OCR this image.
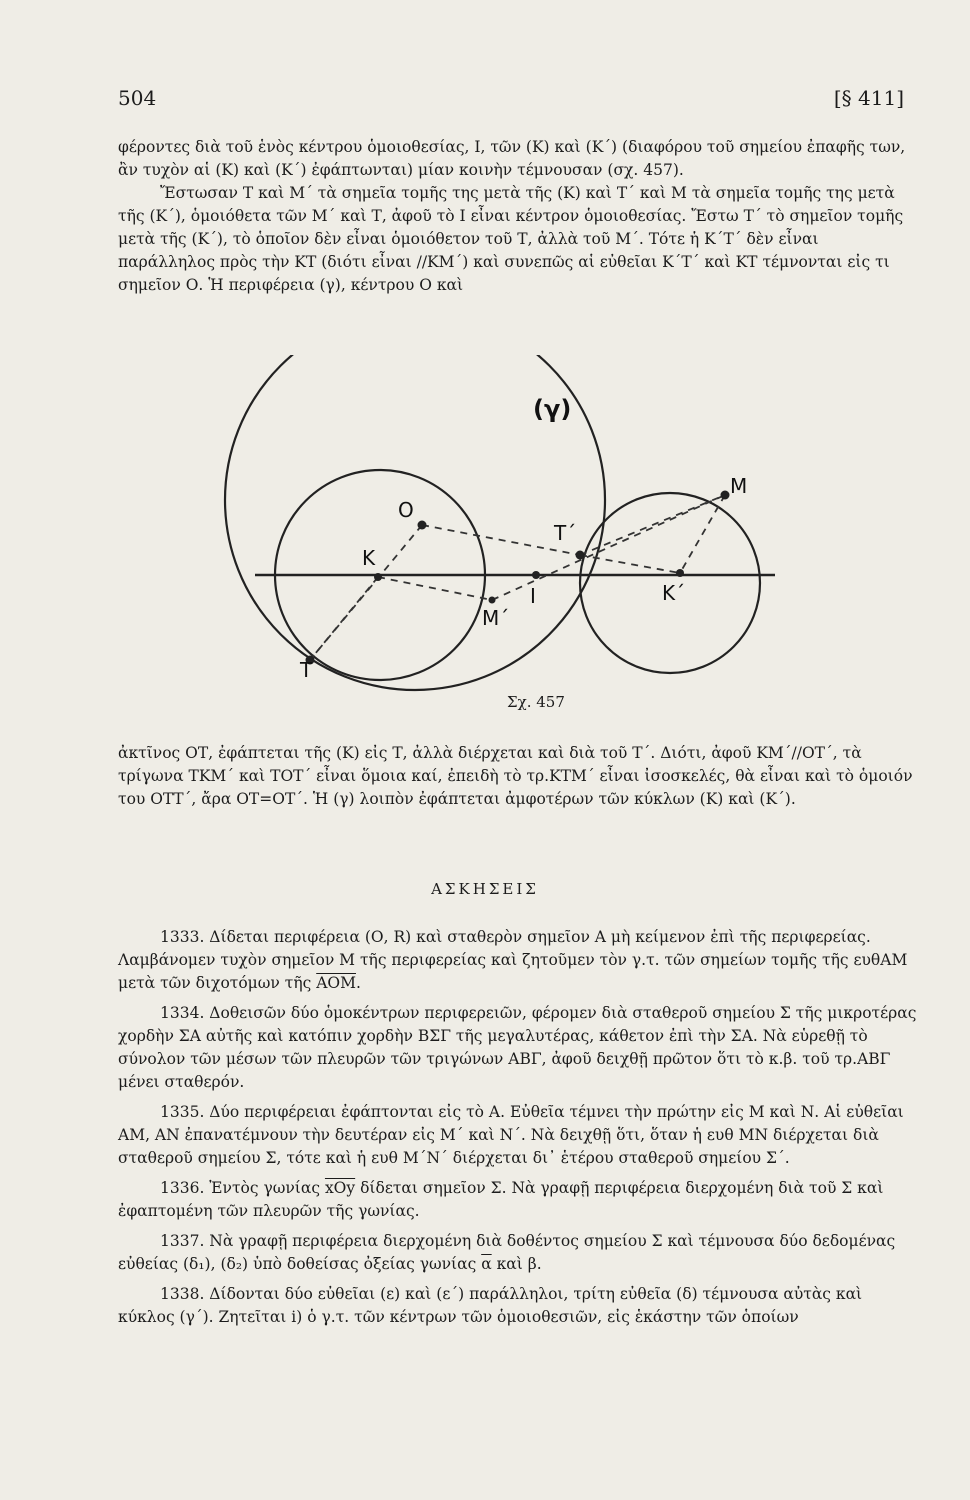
504	[§ 411]

φέροντες διὰ τοῦ ἑνὸς κέντρου ὁμοιοθεσίας, Ι, τῶν (Κ) καὶ (Κ΄) (διαφόρου τοῦ σημείου ἐπαφῆς των, ἂν τυχὸν αἱ (Κ) καὶ (Κ΄) ἐφάπτωνται) μίαν κοινὴν τέμνουσαν (σχ. 457).

Ἔστωσαν Τ καὶ Μ΄ τὰ σημεῖα τομῆς της μετὰ τῆς (Κ) καὶ Τ΄ καὶ Μ τὰ σημεῖα τομῆς της μετὰ τῆς (Κ΄), ὁμοιόθετα τῶν Μ΄ καὶ Τ, ἀφοῦ τὸ Ι εἶναι κέντρον ὁμοιοθεσίας. Ἔστω Τ΄ τὸ σημεῖον τομῆς μετὰ τῆς (Κ΄), τὸ ὁποῖον δὲν εἶναι ὁμοιόθετον τοῦ Τ, ἀλλὰ τοῦ Μ΄. Τότε ἡ Κ΄Τ΄ δὲν εἶναι παράλληλος πρὸς τὴν ΚΤ (διότι εἶναι //ΚΜ΄) καὶ συνεπῶς αἱ εὐθεῖαι Κ΄Τ΄ καὶ ΚΤ τέμνονται εἰς τι σημεῖον Ο. Ἡ περιφέρεια (γ), κέντρου Ο καὶ

(γ)
O
K
M΄
I
T΄
M
K΄
T
Σχ. 457

ἀκτῖνος ΟΤ, ἐφάπτεται τῆς (Κ) εἰς Τ, ἀλλὰ διέρχεται καὶ διὰ τοῦ Τ΄. Διότι, ἀφοῦ ΚΜ΄//ΟΤ΄, τὰ τρίγωνα ΤΚΜ΄ καὶ ΤΟΤ΄ εἶναι ὅμοια καί, ἐπειδὴ τὸ τρ.ΚΤΜ΄ εἶναι ἰσοσκελές, θὰ εἶναι καὶ τὸ ὁμοιόν του ΟΤΤ΄, ἄρα ΟΤ=ΟΤ΄. Ἡ (γ) λοιπὸν ἐφάπτεται ἀμφοτέρων τῶν κύκλων (Κ) καὶ (Κ΄).

ΑΣΚΗΣΕΙΣ

1333. Δίδεται περιφέρεια (Ο, R) καὶ σταθερὸν σημεῖον Α μὴ κείμενον ἐπὶ τῆς περιφερείας. Λαμβάνομεν τυχὸν σημεῖον Μ τῆς περιφερείας καὶ ζητοῦμεν τὸν γ.τ. τῶν σημείων τομῆς τῆς ευθΑΜ μετὰ τῶν διχοτόμων τῆς $\overline{AOM}$.

1334. Δοθεισῶν δύο ὁμοκέντρων περιφερειῶν, φέρομεν διὰ σταθεροῦ σημείου Σ τῆς μικροτέρας χορδὴν ΣΑ αὐτῆς καὶ κατόπιν χορδὴν ΒΣΓ τῆς μεγαλυτέρας, κάθετον ἐπὶ τὴν ΣΑ. Νὰ εὑρεθῇ τὸ σύνολον τῶν μέσων τῶν πλευρῶν τῶν τριγώνων ΑΒΓ, ἀφοῦ δειχθῇ πρῶτον ὅτι τὸ κ.β. τοῦ τρ.ΑΒΓ μένει σταθερόν.

1335. Δύο περιφέρειαι ἐφάπτονται εἰς τὸ Α. Εὐθεῖα τέμνει τὴν πρώτην εἰς Μ καὶ Ν. Αἱ εὐθεῖαι ΑΜ, ΑΝ ἐπανατέμνουν τὴν δευτέραν εἰς Μ΄ καὶ Ν΄. Νὰ δειχθῇ ὅτι, ὅταν ἡ ευθ ΜΝ διέρχεται διὰ σταθεροῦ σημείου Σ, τότε καὶ ἡ ευθ Μ΄Ν΄ διέρχεται δι᾽ ἑτέρου σταθεροῦ σημείου Σ΄.

1336. Ἐντὸς γωνίας $\overline{xOy}$ δίδεται σημεῖον Σ. Νὰ γραφῇ περιφέρεια διερχομένη διὰ τοῦ Σ καὶ ἐφαπτομένη τῶν πλευρῶν τῆς γωνίας.

1337. Νὰ γραφῇ περιφέρεια διερχομένη διὰ δοθέντος σημείου Σ καὶ τέμνουσα δύο δεδομένας εὐθείας (δ₁), (δ₂) ὑπὸ δοθείσας ὀξείας γωνίας $\overline{\alpha}$ καὶ β.

1338. Δίδονται δύο εὐθεῖαι (ε) καὶ (ε΄) παράλληλοι, τρίτη εὐθεῖα (δ) τέμνουσα αὐτὰς καὶ κύκλος (γ΄). Ζητεῖται i) ὁ γ.τ. τῶν κέντρων τῶν ὁμοιοθεσιῶν, εἰς ἑκάστην τῶν ὁποίων
